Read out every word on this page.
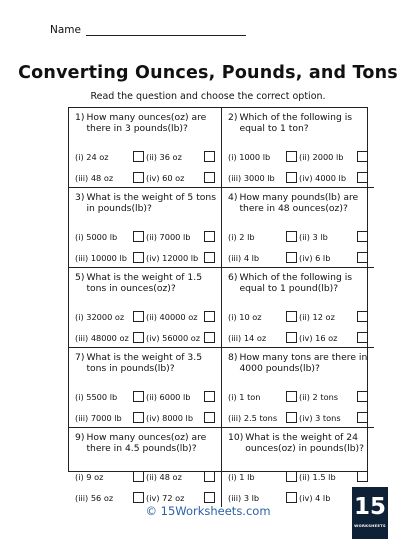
Name
Converting Ounces, Pounds, and Tons
Read the question and choose the correct option.
1) How many ounces(oz) are there in 3 pounds(lb)?
(i) 24 oz	(ii) 36 oz
(iii) 48 oz	(iv) 60 oz
2) Which of the following is equal to 1 ton?
(i) 1000 lb	(ii) 2000 lb
(iii) 3000 lb	(iv) 4000 lb
3) What is the weight of 5 tons in pounds(lb)?
(i) 5000 lb	(ii) 7000 lb
(iii) 10000 lb	(iv) 12000 lb
4) How many pounds(lb) are there in 48 ounces(oz)?
(i) 2 lb	(ii) 3 lb
(iii) 4 lb	(iv) 6 lb
5) What is the weight of 1.5 tons in ounces(oz)?
(i) 32000 oz	(ii) 40000 oz
(iii) 48000 oz	(iv) 56000 oz
6) Which of the following is equal to 1 pound(lb)?
(i) 10 oz	(ii) 12 oz
(iii) 14 oz	(iv) 16 oz
7) What is the weight of 3.5 tons in pounds(lb)?
(i) 5500 lb	(ii) 6000 lb
(iii) 7000 lb	(iv) 8000 lb
8) How many tons are there in 4000 pounds(lb)?
(i) 1 ton	(ii) 2 tons
(iii) 2.5 tons	(iv) 3 tons
9) How many ounces(oz) are there in 4.5 pounds(lb)?
(i) 9 oz	(ii) 48 oz
(iii) 56 oz	(iv) 72 oz
10) What is the weight of 24 ounces(oz) in pounds(lb)?
(i) 1 lb	(ii) 1.5 lb
(iii) 3 lb	(iv) 4 lb
© 15Worksheets.com	15
WORKSHEETS
